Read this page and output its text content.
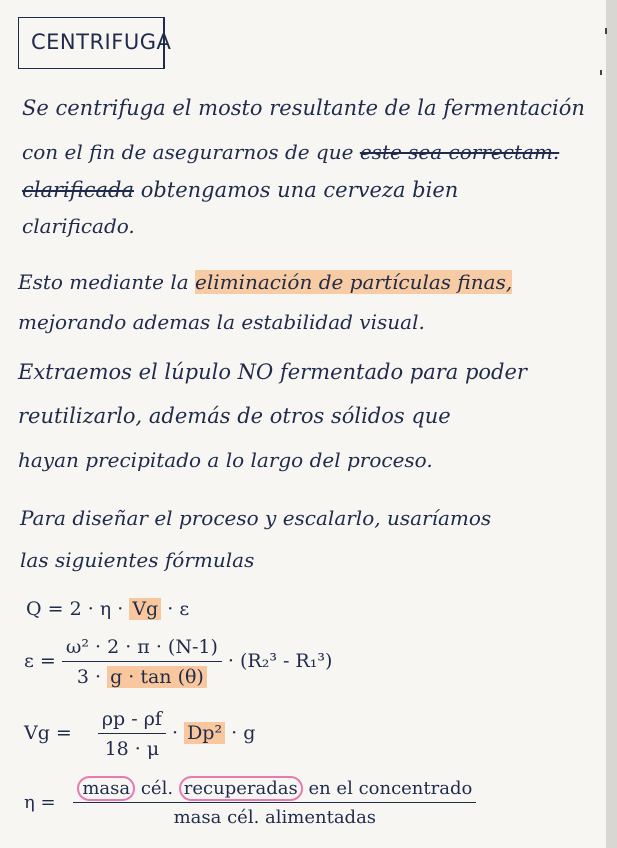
CENTRIFUGA
Se centrifuga el mosto resultante de la fermentación
con el fin de asegurarnos de que este sea correctam.
clarificada obtengamos una cerveza bien
clarificado.
Esto mediante la eliminación de partículas finas,
mejorando ademas la estabilidad visual.
Extraemos el lúpulo NO fermentado para poder
reutilizarlo, además de otros sólidos que
hayan precipitado a lo largo del proceso.
Para diseñar el proceso y escalarlo, usaríamos
las siguientes fórmulas
Q = 2 · η · Vg · ε
$\varepsilon = \frac{\text{ω² · 2 · π · (N-1)}}{3 \cdot g \cdot \tan (\theta)} \cdot (R_2^3 - R_1^3)$
$Vg = \frac{\rho p - \rho f}{18 \cdot \mu} \cdot Dp^2 \cdot g$
$\eta = \frac{\text{masa cél. recuperadas en el concentrado}}{\text{masa cél. alimentadas}}$
